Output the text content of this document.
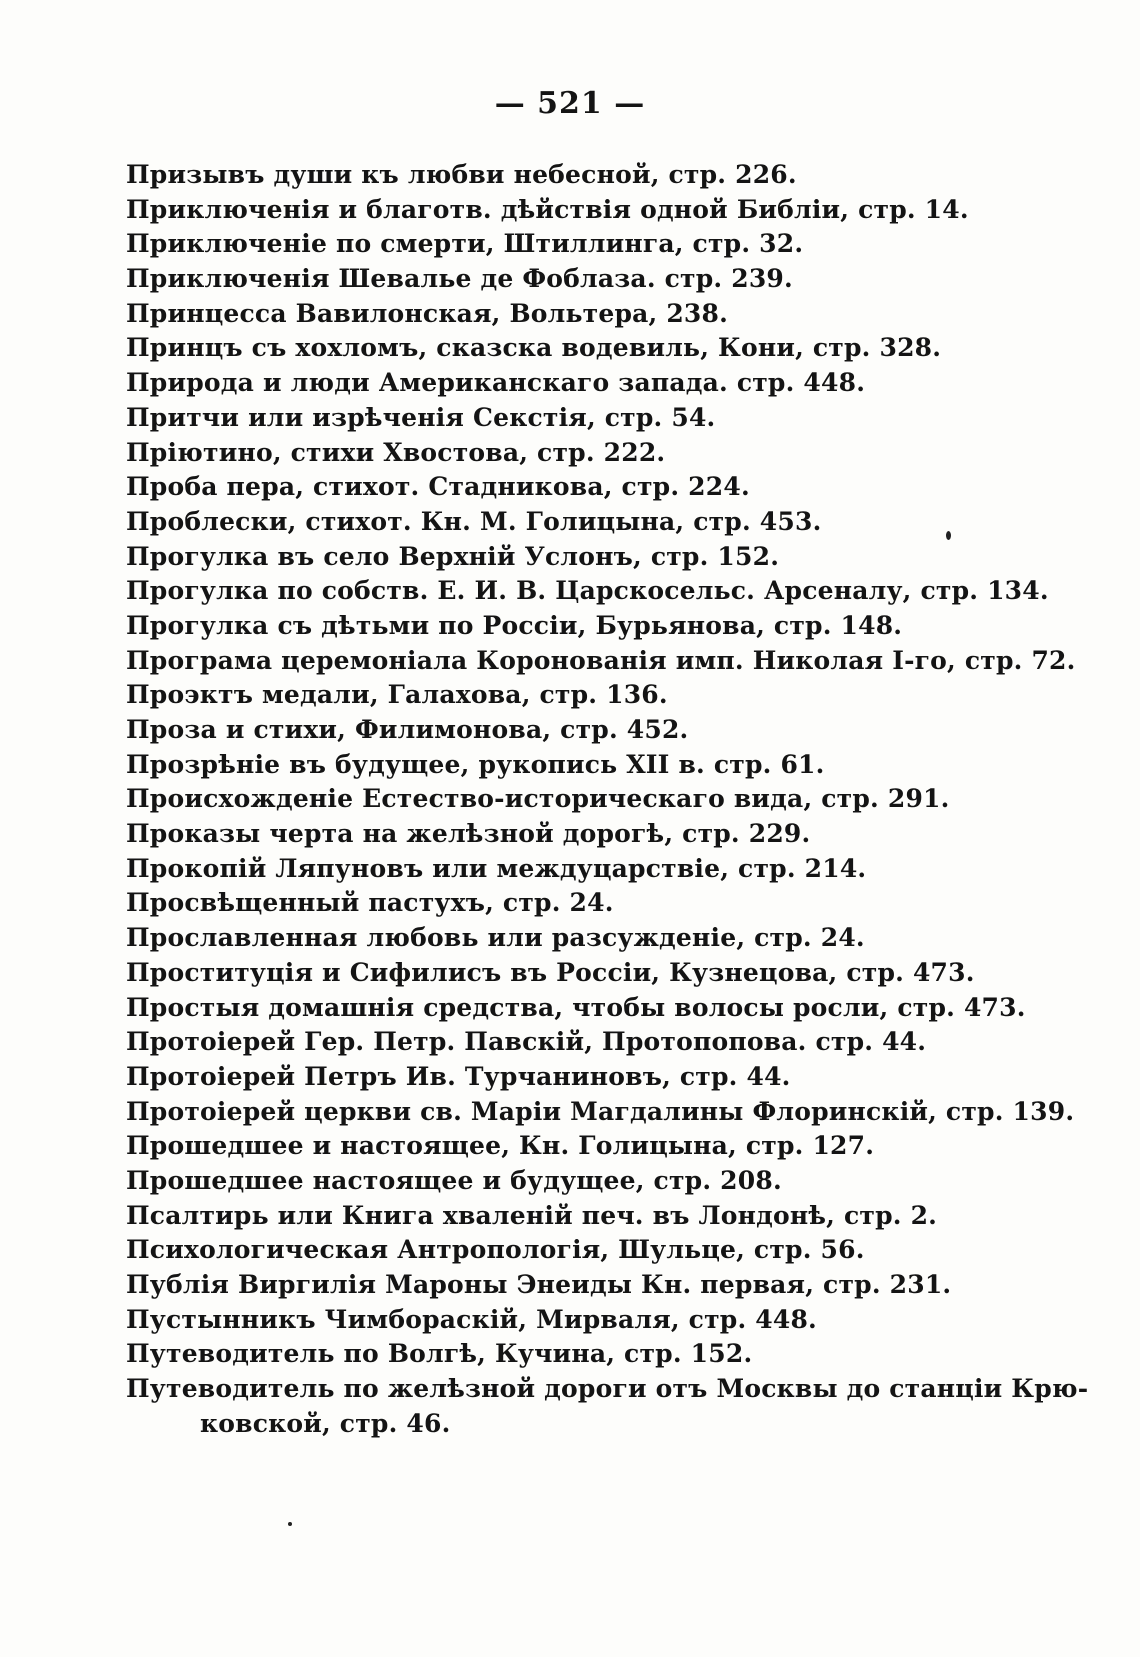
— 521 —
Призывъ души къ любви небесной, стр. 226.
Приключенiя и благотв. дѣйствiя одной Библiи, стр. 14.
Приключенiе по смерти, Штиллинга, стр. 32.
Приключенiя Шевалье де Фоблаза. стр. 239.
Принцесса Вавилонская, Вольтера, 238.
Принцъ съ хохломъ, сказска водевиль, Кони, стр. 328.
Природа и люди Американскаго запада. стр. 448.
Притчи или изрѣченiя Секстiя, стр. 54.
Прiютино, стихи Хвостова, стр. 222.
Проба пера, стихот. Стадникова, стр. 224.
Проблески, стихот. Кн. М. Голицына, стр. 453.
Прогулка въ село Верхнiй Услонъ, стр. 152.
Прогулка по собств. Е. И. В. Царскосельс. Арсеналу, стр. 134.
Прогулка съ дѣтьми по Россiи, Бурьянова, стр. 148.
Програма церемонiала Коронованiя имп. Николая I-го, стр. 72.
Проэктъ медали, Галахова, стр. 136.
Проза и стихи, Филимонова, стр. 452.
Прозрѣнiе въ будущее, рукопись XII в. стр. 61.
Происхожденiе Естество-историческаго вида, стр. 291.
Проказы черта на желѣзной дорогѣ, стр. 229.
Прокопiй Ляпуновъ или междуцарствiе, стр. 214.
Просвѣщенный пастухъ, стр. 24.
Прославленная любовь или разсужденiе, стр. 24.
Проституцiя и Сифилисъ въ Россiи, Кузнецова, стр. 473.
Простыя домашнiя средства, чтобы волосы росли, стр. 473.
Протоiерей Гер. Петр. Павскiй, Протопопова. стр. 44.
Протоiерей Петръ Ив. Турчаниновъ, стр. 44.
Протоiерей церкви св. Марiи Магдалины Флоринскiй, стр. 139.
Прошедшее и настоящее, Кн. Голицына, стр. 127.
Прошедшее настоящее и будущее, стр. 208.
Псалтирь или Книга хваленiй печ. въ Лондонѣ, стр. 2.
Психологическая Антропологiя, Шульце, стр. 56.
Публiя Виргилiя Мароны Энеиды Кн. первая, стр. 231.
Пустынникъ Чимбораскiй, Мирваля, стр. 448.
Путеводитель по Волгѣ, Кучина, стр. 152.
Путеводитель по желѣзной дороги отъ Москвы до станцiи Крю-
ковской, стр. 46.
